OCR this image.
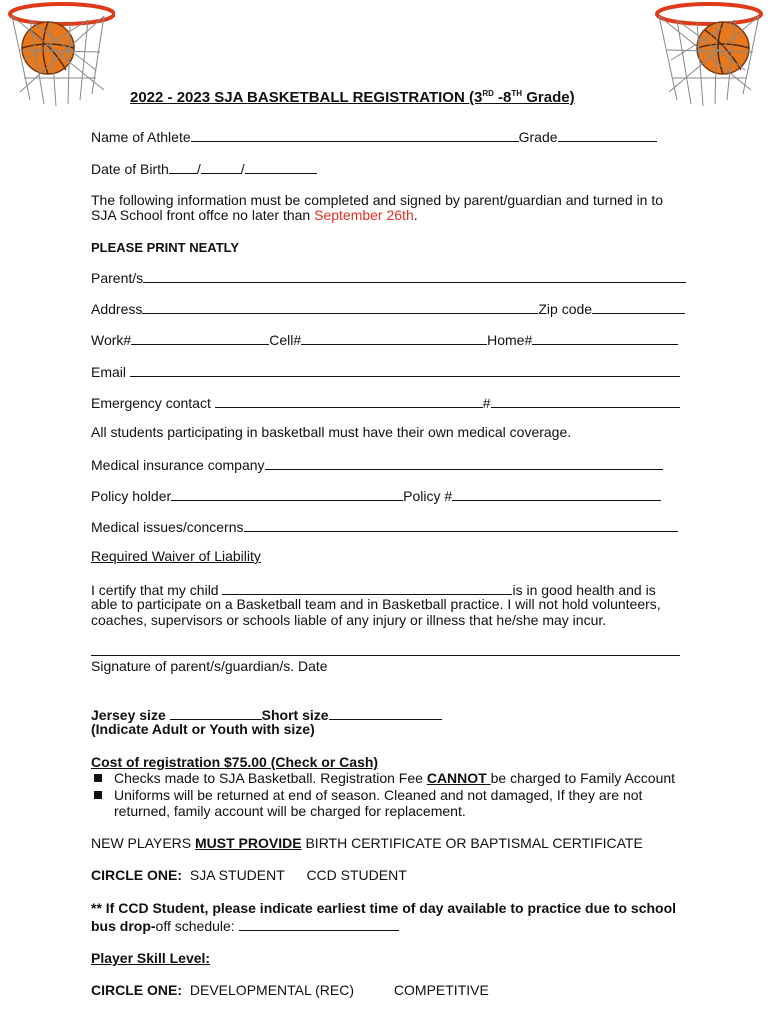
2022 - 2023 SJA BASKETBALL REGISTRATION (3RD -8TH Grade)
Name of Athlete	Grade
Date of Birth /	/
The following information must be completed and signed by parent/guardian and turned in to
SJA School front offce no later than September 26th.
PLEASE PRINT NEATLY
Parent/s
Address	Zip code
Work#	Cell#	Home#
Email
Emergency contact	#
All students participating in basketball must have their own medical coverage.
Medical insurance company
Policy holder	Policy #
Medical issues/concerns
Required Waiver of Liability
I certify that my child	is in good health and is
able to participate on a Basketball team and in Basketball practice. I will not hold volunteers,
coaches, supervisors or schools liable of any injury or illness that he/she may incur.
Signature of parent/s/guardian/s. Date
Jersey size	Short size
(Indicate Adult or Youth with size)
Cost of registration $75.00 (Check or Cash)
Checks made to SJA Basketball. Registration Fee CANNOT be charged to Family Account
Uniforms will be returned at end of season. Cleaned and not damaged, If they are not
returned, family account will be charged for replacement.
NEW PLAYERS MUST PROVIDE BIRTH CERTIFICATE OR BAPTISMAL CERTIFICATE
CIRCLE ONE: SJA STUDENT CCD STUDENT
** If CCD Student, please indicate earliest time of day available to practice due to school
bus drop-off schedule:
Player Skill Level:
CIRCLE ONE: DEVELOPMENTAL (REC)	COMPETITIVE
